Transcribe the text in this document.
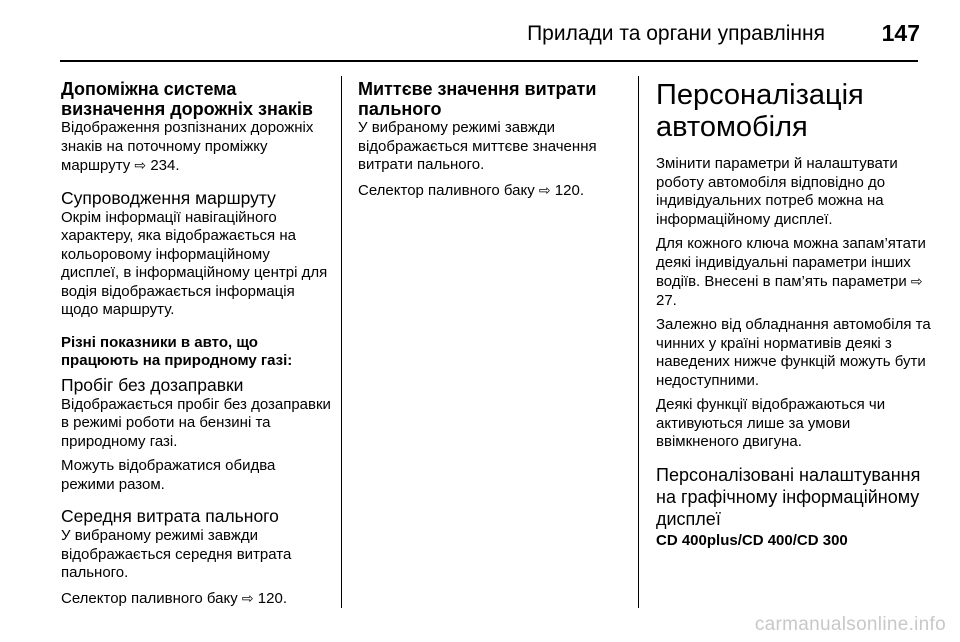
Прилади та органи управління 147
Допоміжна система визначення дорожніх знаків

Відображення розпізнаних дорожніх знаків на поточному проміжку маршруту ⇨ 234.

Супроводження маршруту

Окрім інформації навігаційного характеру, яка відображається на кольоровому інформаційному дисплеї, в інформаційному центрі для водія відображається інформація щодо маршруту.

Різні показники в авто, що працюють на природному газі:
Пробіг без дозаправки

Відображається пробіг без дозаправки в режимі роботи на бензині та природному газі.

Можуть відображатися обидва режими разом.

Середня витрата пального

У вибраному режимі завжди відображається середня витрата пального.

Селектор паливного баку ⇨ 120.

Миттєве значення витрати пального

У вибраному режимі завжди відображається миттєве значення витрати пального.

Селектор паливного баку ⇨ 120.

Персоналізація автомобіля

Змінити параметри й налаштувати роботу автомобіля відповідно до індивідуальних потреб можна на інформаційному дисплеї.

Для кожного ключа можна запам’ятати деякі індивідуальні параметри інших водіїв. Внесені в пам’ять параметри ⇨ 27.

Залежно від обладнання автомобіля та чинних у країні нормативів деякі з наведених нижче функцій можуть бути недоступними.

Деякі функції відображаються чи активуються лише за умови ввімкненого двигуна.

Персоналізовані налаштування на графічному інформаційному дисплеї
CD 400plus/CD 400/CD 300
carmanualsonline.info
